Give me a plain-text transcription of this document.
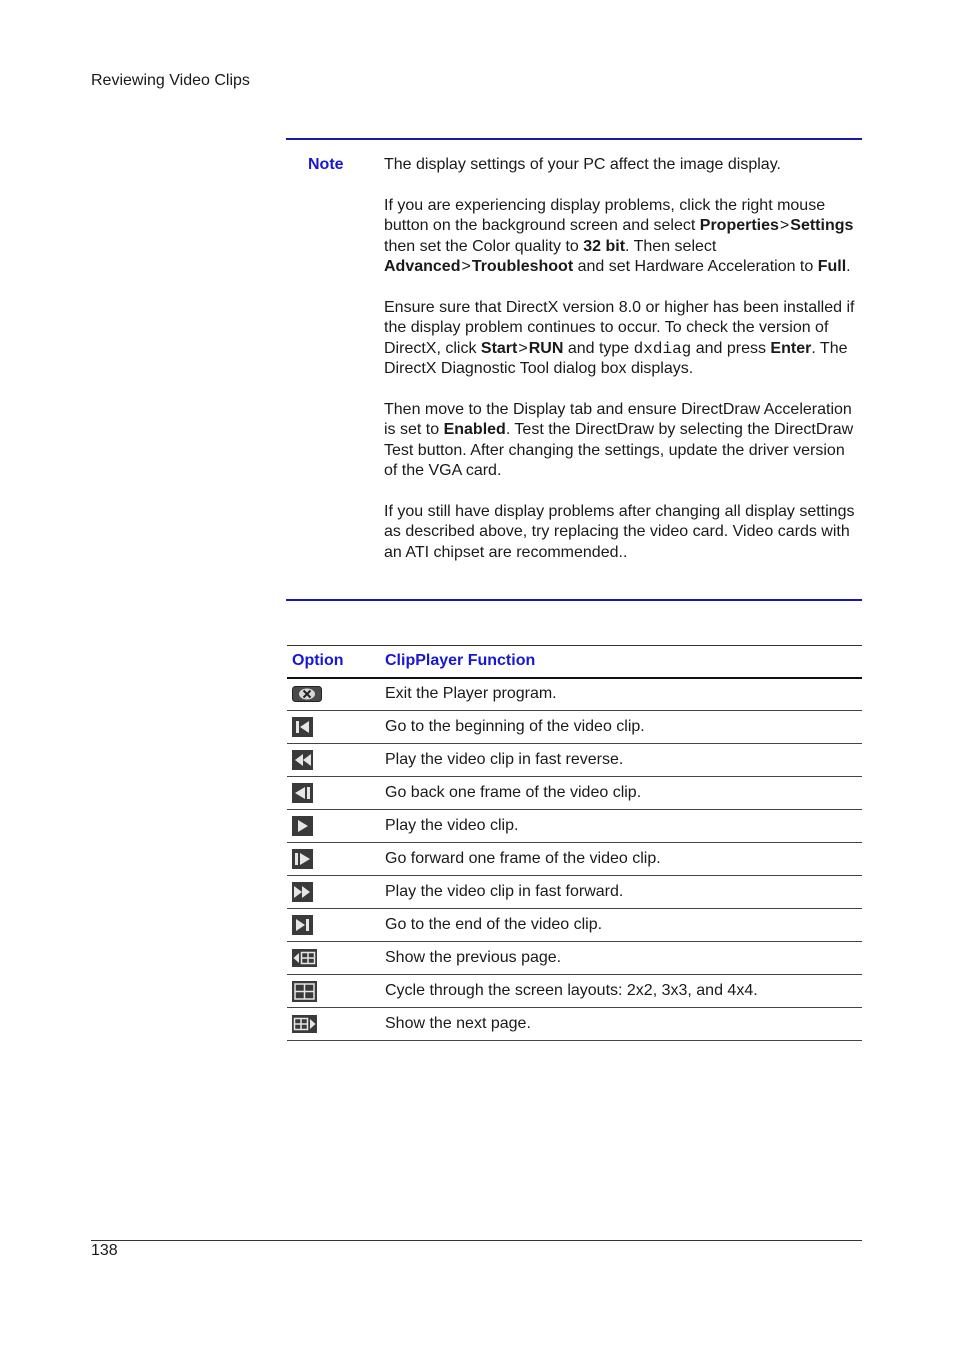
Reviewing Video Clips
Note	The display settings of your PC affect the image display.

If you are experiencing display problems, click the right mouse button on the background screen and select Properties>Settings then set the Color quality to 32 bit. Then select Advanced>Troubleshoot and set Hardware Acceleration to Full.

Ensure sure that DirectX version 8.0 or higher has been installed if the display problem continues to occur. To check the version of DirectX, click Start>RUN and type dxdiag and press Enter. The DirectX Diagnostic Tool dialog box displays.

Then move to the Display tab and ensure DirectDraw Acceleration is set to Enabled. Test the DirectDraw by selecting the DirectDraw Test button. After changing the settings, update the driver version of the VGA card.

If you still have display problems after changing all display settings as described above, try replacing the video card. Video cards with an ATI chipset are recommended..

Option	ClipPlayer Function

	Exit the Player program.

	Go to the beginning of the video clip.

	Play the video clip in fast reverse.

	Go back one frame of the video clip.

	Play the video clip.

	Go forward one frame of the video clip.

	Play the video clip in fast forward.

	Go to the end of the video clip.

	Show the previous page.

	Cycle through the screen layouts: 2x2, 3x3, and 4x4.

	Show the next page.
138
